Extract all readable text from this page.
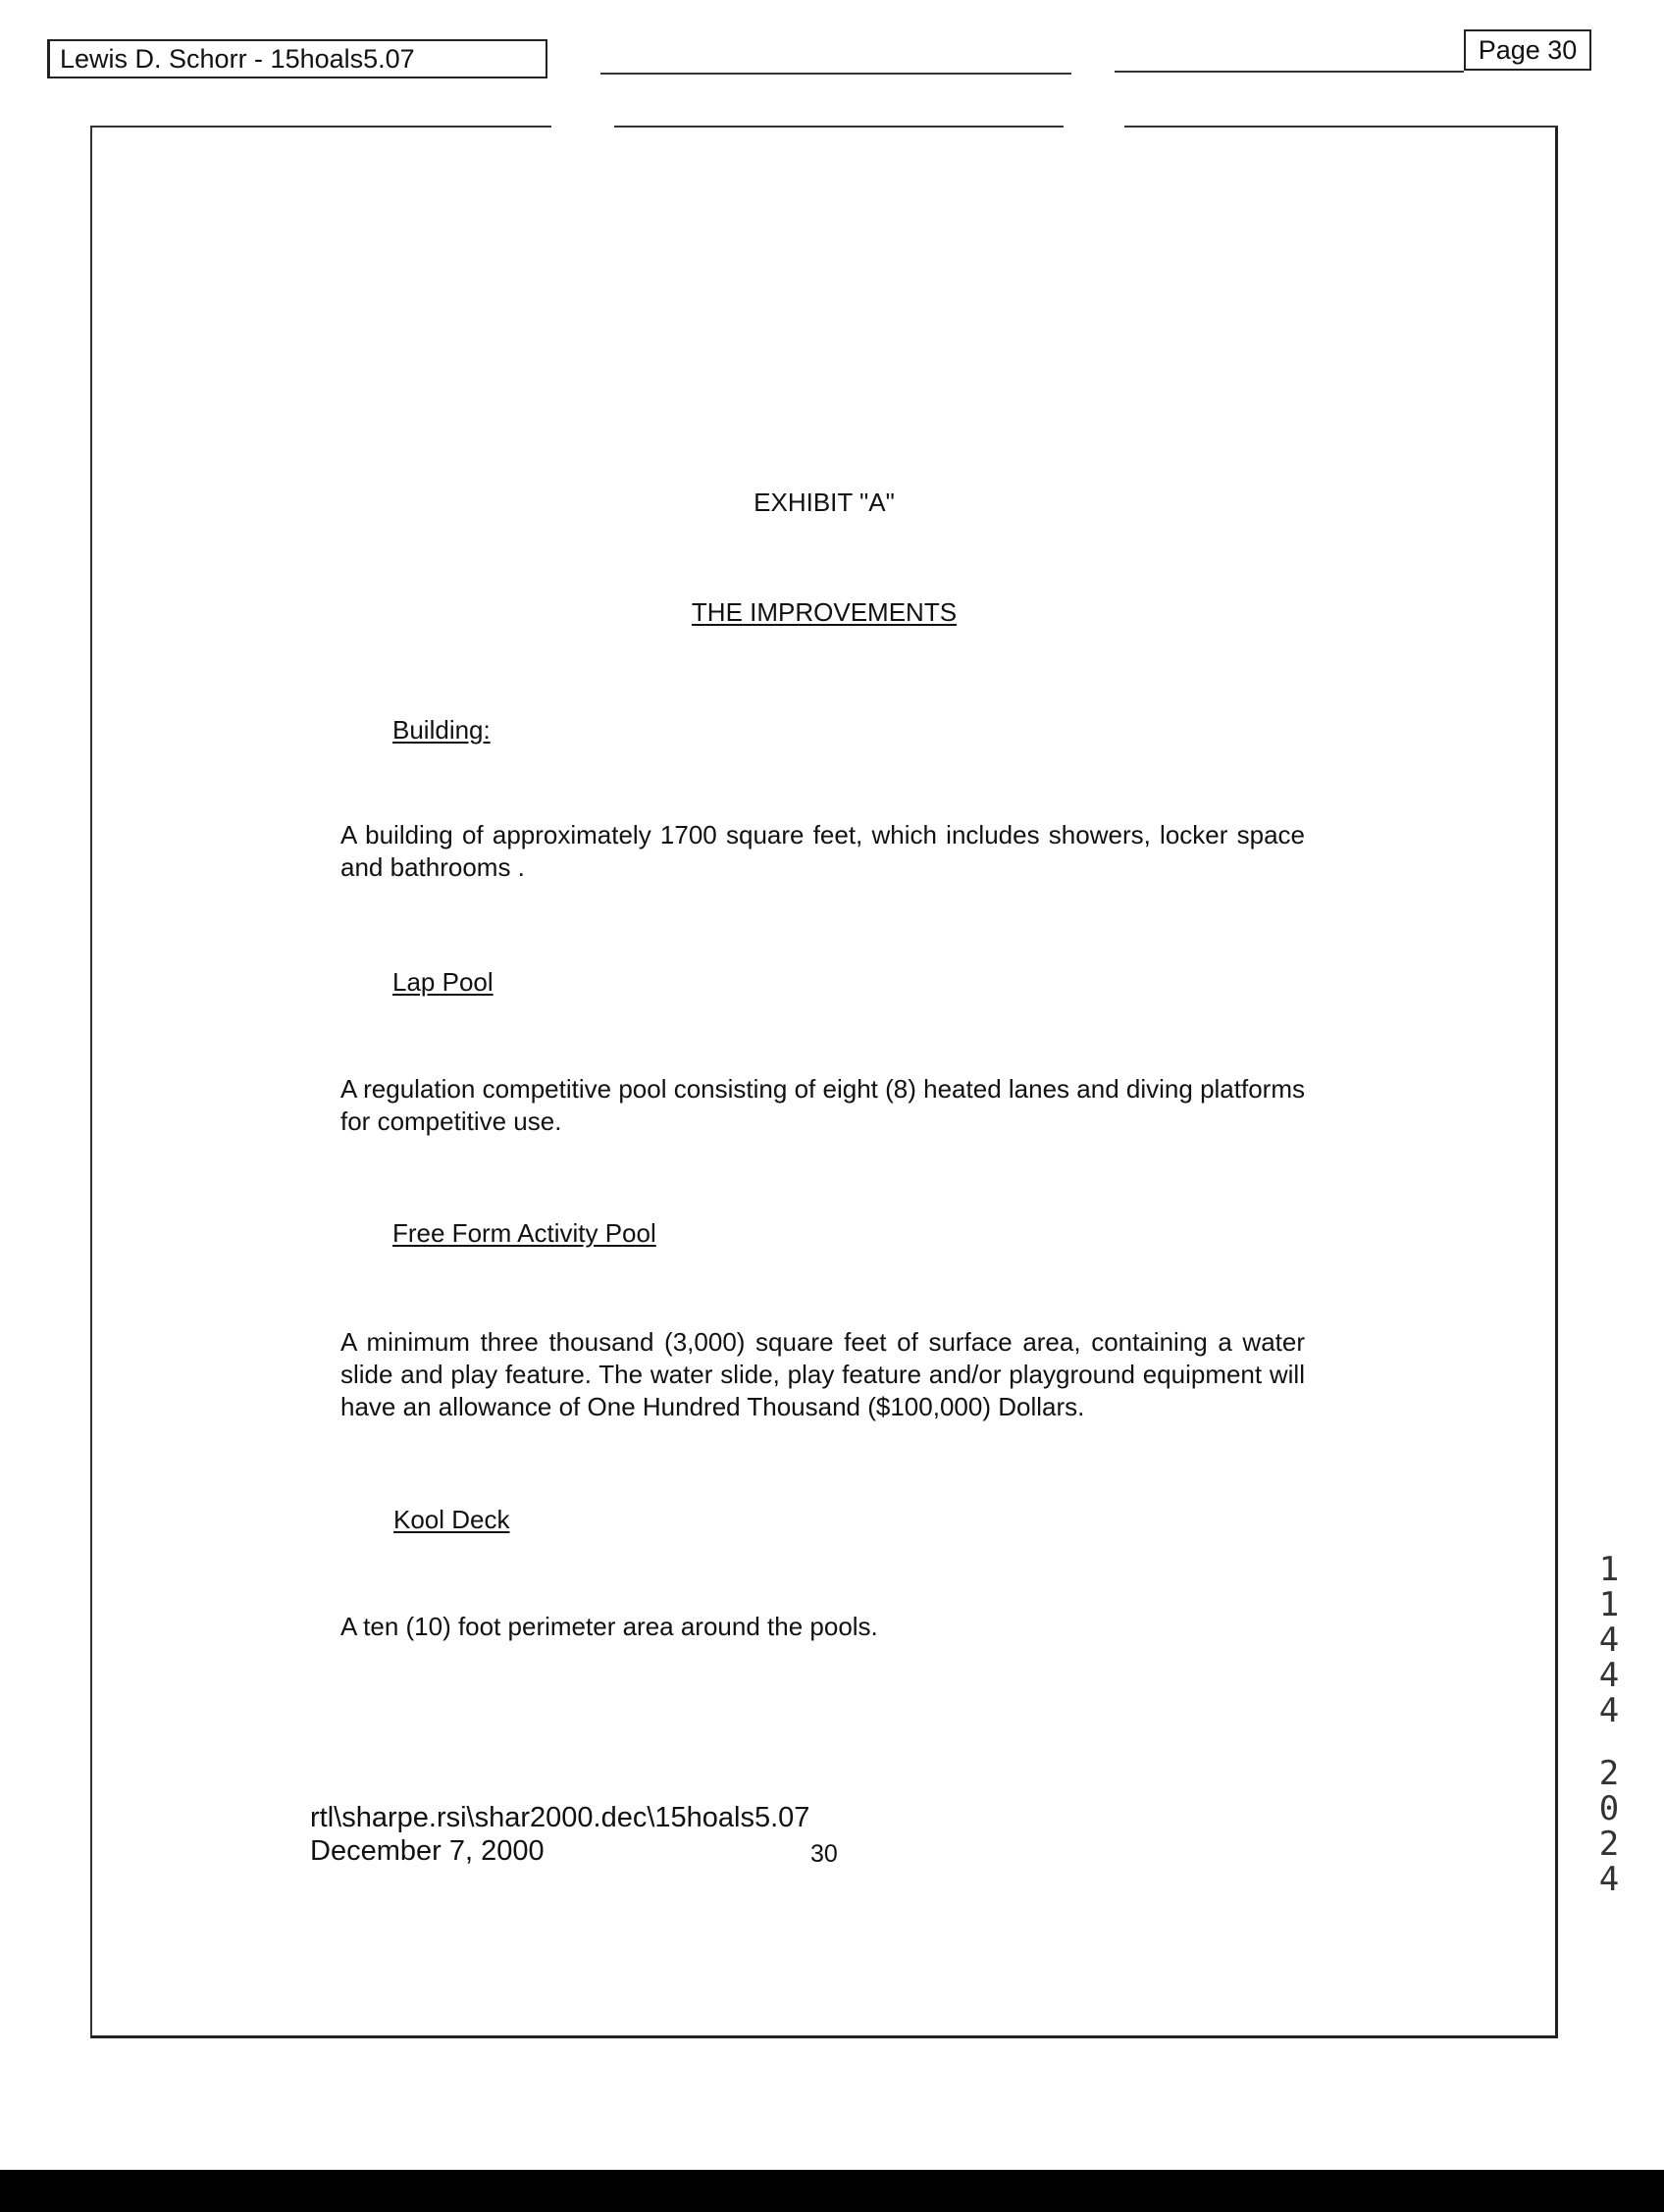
Lewis D. Schorr - 15hoals5.07	Page 30
EXHIBIT "A"
THE IMPROVEMENTS
Building:
A building of approximately 1700 square feet, which includes showers, locker space and bathrooms .
Lap Pool
A regulation competitive pool consisting of eight (8) heated lanes and diving platforms for competitive use.
Free Form Activity Pool
A minimum three thousand (3,000) square feet of surface area, containing a water slide and play feature. The water slide, play feature and/or playground equipment will have an allowance of One Hundred Thousand ($100,000) Dollars.
Kool Deck
A ten (10) foot perimeter area around the pools.
rtl\sharpe.rsi\shar2000.dec\15hoals5.07
December 7, 2000	30
11444
2024
